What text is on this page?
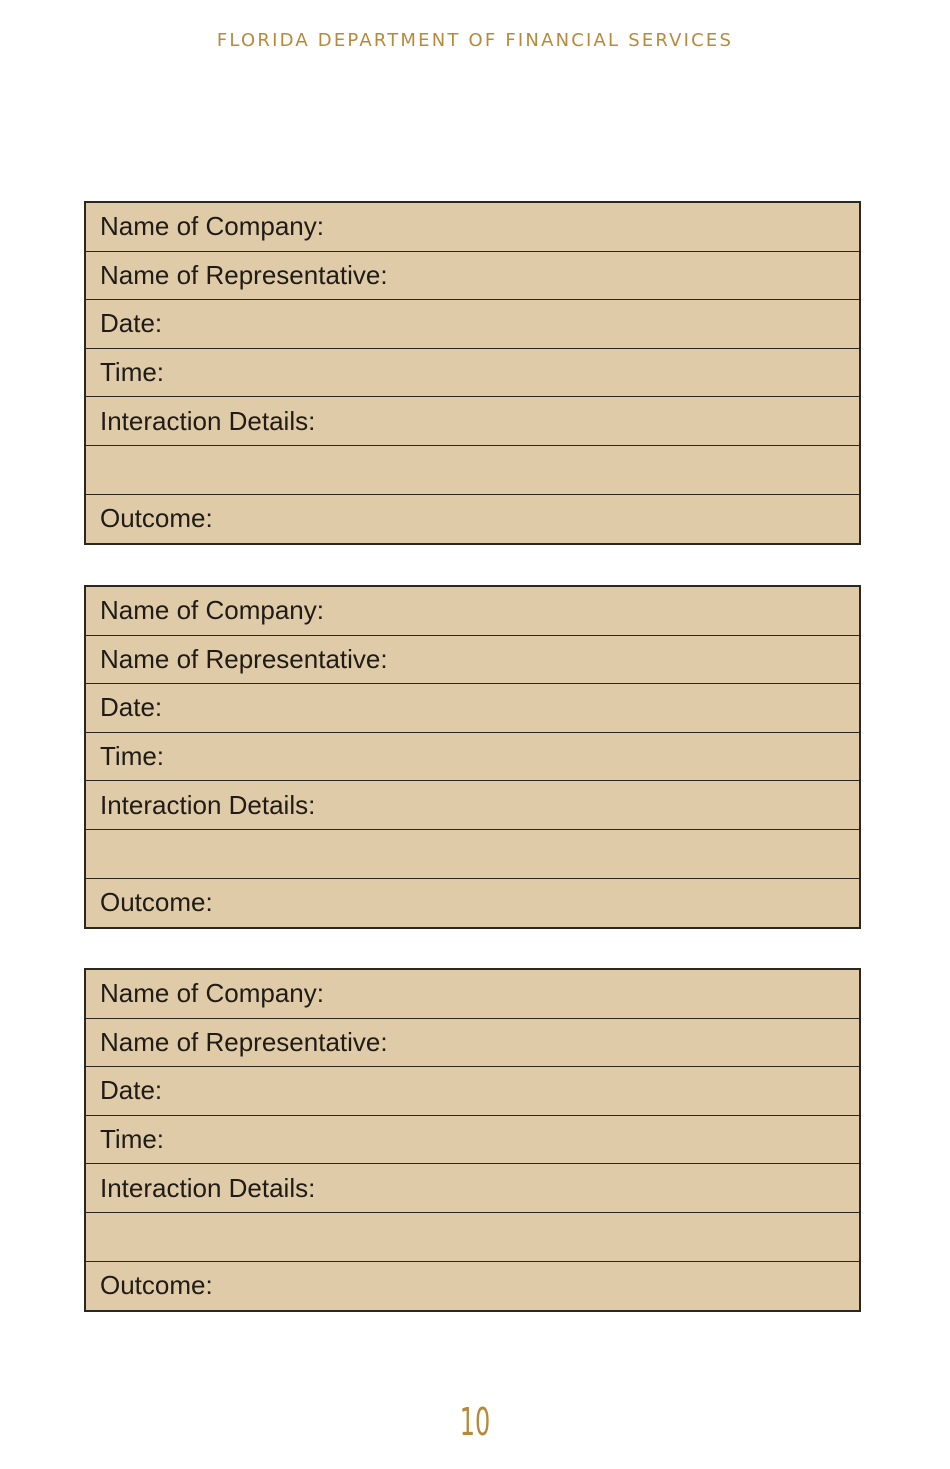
FLORIDA DEPARTMENT OF FINANCIAL SERVICES
Name of Company:
Name of Representative:
Date:
Time:
Interaction Details:
Outcome:
Name of Company:
Name of Representative:
Date:
Time:
Interaction Details:
Outcome:
Name of Company:
Name of Representative:
Date:
Time:
Interaction Details:
Outcome:
10
